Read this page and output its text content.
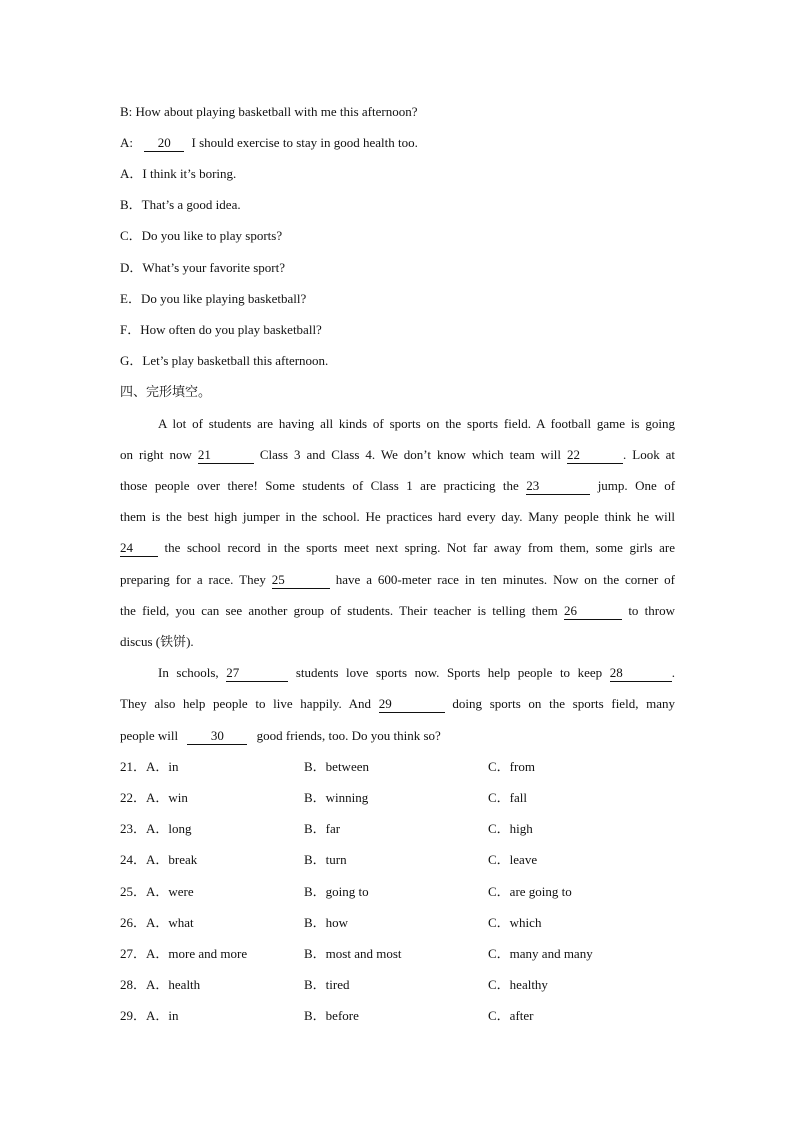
B: How about playing basketball with me this afternoon?
A: 20 I should exercise to stay in good health too.
A．I think it’s boring.
B．That’s a good idea.
C．Do you like to play sports?
D．What’s your favorite sport?
E．Do you like playing basketball?
F．How often do you play basketball?
G．Let’s play basketball this afternoon.
四、完形填空。
A lot of students are having all kinds of sports on the sports field. A football game is going
on right now 21	Class 3 and Class 4. We don’t know which team will 22	. Look at
those people over there! Some students of Class 1 are practicing the 23	jump. One of
them is the best high jumper in the school. He practices hard every day. Many people think he will
24 the school record in the sports meet next spring. Not far away from them, some girls are
preparing for a race. They 25	have a 600-meter race in ten minutes. Now on the corner of
the field, you can see another group of students. Their teacher is telling them 26	to throw
discus (铁饼).
In schools, 27	students love sports now. Sports help people to keep 28	.
They also help people to live happily. And 29	doing sports on the sports field, many
people will	30	good friends, too. Do you think so?
21．A．in	B．between	C．from
22．A．win	B．winning	C．fall
23．A．long	B．far	C．high
24．A．break	B．turn	C．leave
25．A．were	B．going to	C．are going to
26．A．what	B．how	C．which
27．A．more and more	B．most and most	C．many and many
28．A．health	B．tired	C．healthy
29．A．in	B．before	C．after
